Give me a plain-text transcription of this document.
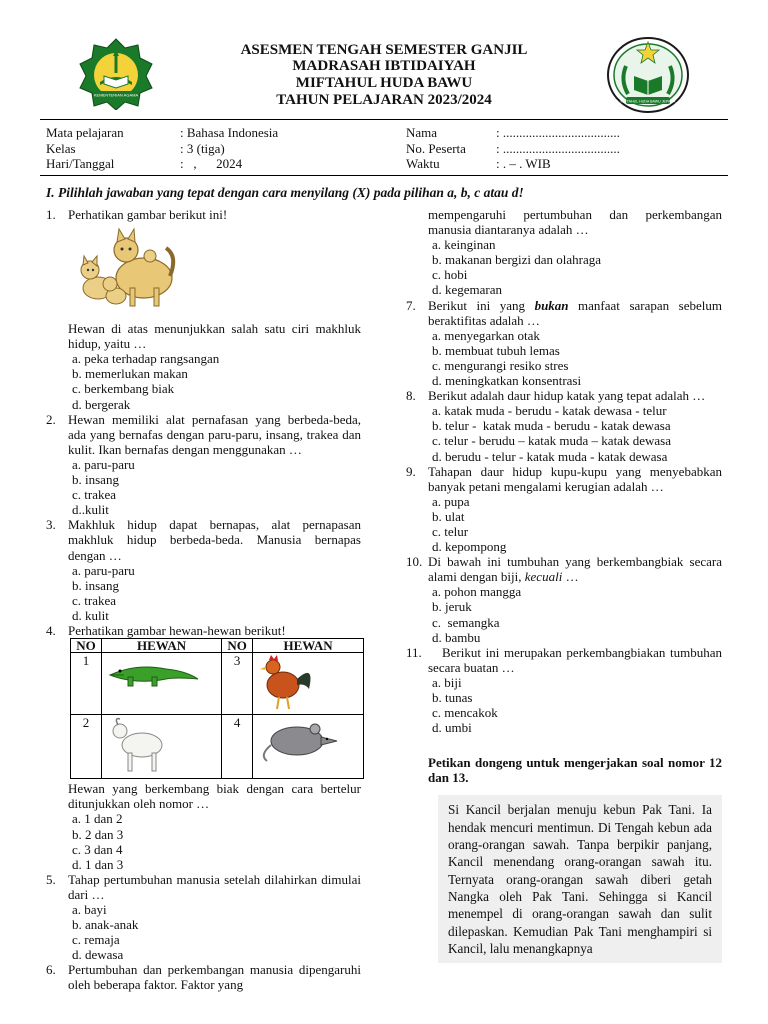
KEMENTERIAN AGAMA
MIFTAHUL HUDA BAWU JEPARA
ASESMEN TENGAH SEMESTER GANJIL
MADRASAH IBTIDAIYAH
MIFTAHUL HUDA BAWU
TAHUN PELAJARAN 2023/2024
Mata pelajaran	: Bahasa Indonesia
Kelas	: 3 (tiga)
Hari/Tanggal	:   ,      2024
Nama	: ....................................
No. Peserta : ....................................
Waktu	: . – . WIB
I. Pilihlah jawaban yang tepat dengan cara menyilang (X) pada pilihan a, b, c atau d!
1. Perhatikan gambar berikut ini!
Hewan di atas menunjukkan salah satu ciri makhluk hidup, yaitu …
a. peka terhadap rangsangan
b. memerlukan makan
c. berkembang biak
d. bergerak
2. Hewan memiliki alat pernafasan yang berbeda-beda, ada yang bernafas dengan paru-paru, insang, trakea dan kulit. Ikan bernafas dengan menggunakan …
a. paru-paru
b. insang
c. trakea
d..kulit
3. Makhluk hidup dapat bernapas, alat pernapasan makhluk hidup berbeda-beda. Manusia bernapas dengan …
a. paru-paru
b. insang
c. trakea
d. kulit
4. Perhatikan gambar hewan-hewan berikut!
NO	HEWAN	NO	HEWAN
1		3	
2		4	
Hewan yang berkembang biak dengan cara bertelur ditunjukkan oleh nomor …
a. 1 dan 2
b. 2 dan 3
c. 3 dan 4
d. 1 dan 3
5. Tahap pertumbuhan manusia setelah dilahirkan dimulai dari …
a. bayi
b. anak-anak
c. remaja
d. dewasa
6. Pertumbuhan dan perkembangan manusia dipengaruhi oleh beberapa faktor. Faktor yang
mempengaruhi pertumbuhan dan perkembangan manusia diantaranya adalah …
a. keinginan
b. makanan bergizi dan olahraga
c. hobi
d. kegemaran
7. Berikut ini yang bukan manfaat sarapan sebelum beraktifitas adalah …
a. menyegarkan otak
b. membuat tubuh lemas
c. mengurangi resiko stres
d. meningkatkan konsentrasi
8. Berikut adalah daur hidup katak yang tepat adalah …
a. katak muda - berudu - katak dewasa - telur
b. telur -  katak muda - berudu - katak dewasa
c. telur - berudu – katak muda – katak dewasa
d. berudu - telur - katak muda - katak dewasa
9. Tahapan daur hidup kupu-kupu yang menyebabkan banyak petani mengalami kerugian adalah …
a. pupa
b. ulat
c. telur
d. kepompong
10. Di bawah ini tumbuhan yang berkembangbiak secara alami dengan biji, kecuali …
a. pohon mangga
b. jeruk
c.  semangka
d. bambu
11. Berikut ini merupakan perkembangbiakan tumbuhan secara buatan …
a. biji
b. tunas
c. mencakok
d. umbi
Petikan dongeng untuk mengerjakan soal nomor 12 dan 13.
Si Kancil berjalan menuju kebun Pak Tani. Ia hendak mencuri mentimun. Di Tengah kebun ada orang-orangan sawah. Tanpa berpikir panjang, Kancil menendang orang-orangan sawah itu. Ternyata orang-orangan sawah diberi getah Nangka oleh Pak Tani. Sehingga si Kancil menempel di orang-orangan sawah dan sulit dilepaskan. Kemudian Pak Tani menghampiri si Kancil, lalu menangkapnya
